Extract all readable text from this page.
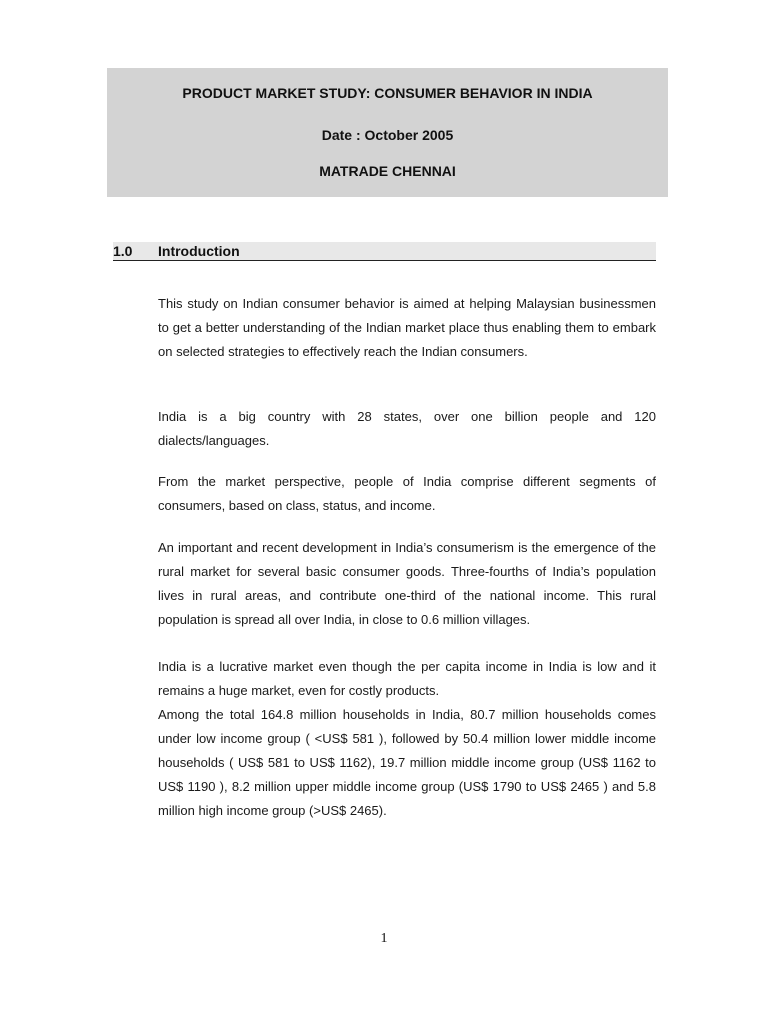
PRODUCT MARKET STUDY: CONSUMER BEHAVIOR IN INDIA
Date : October 2005
MATRADE CHENNAI
1.0 Introduction

This study on Indian consumer behavior is aimed at helping Malaysian businessmen to get a better understanding of the Indian market place thus enabling them to embark on selected strategies to effectively reach the Indian consumers.

India is a big country with 28 states, over one billion people and 120 dialects/languages.

From the market perspective, people of India comprise different segments of consumers, based on class, status, and income.

An important and recent development in India’s consumerism is the emergence of the rural market for several basic consumer goods. Three-fourths of India’s population lives in rural areas, and contribute one-third of the national income. This rural population is spread all over India, in close to 0.6 million villages.

India is a lucrative market even though the per capita income in India is low and it remains a huge market, even for costly products.

Among the total 164.8 million households in India, 80.7 million households comes under low income group ( <US$ 581 ), followed by 50.4 million lower middle income households ( US$ 581 to US$ 1162), 19.7 million middle income group (US$ 1162 to US$ 1190 ), 8.2 million upper middle income group (US$ 1790 to US$ 2465 ) and 5.8 million high income group (>US$ 2465).

1
